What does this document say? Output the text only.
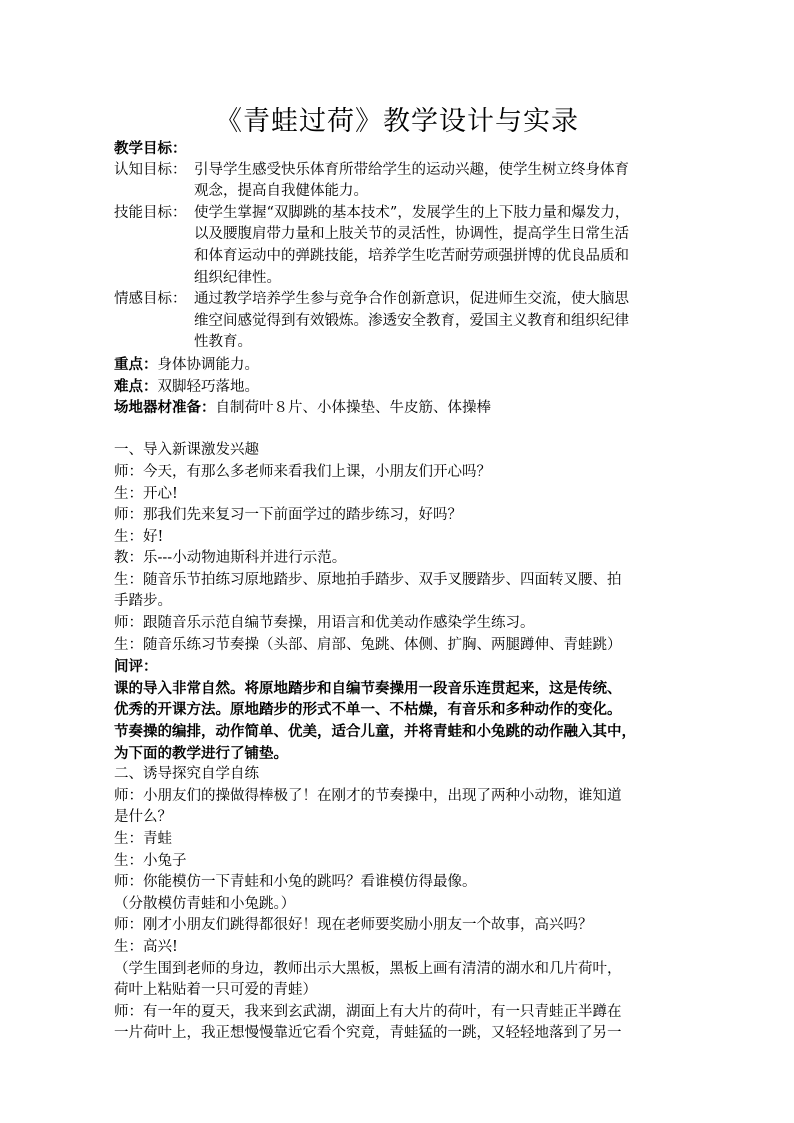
《青蛙过荷》教学设计与实录
教学目标：
认知目标： 引导学生感受快乐体育所带给学生的运动兴趣，使学生树立终身体育
观念，提高自我健体能力。
技能目标： 使学生掌握“双脚跳的基本技术”，发展学生的上下肢力量和爆发力，
以及腰腹肩带力量和上肢关节的灵活性，协调性，提高学生日常生活
和体育运动中的弹跳技能，培养学生吃苦耐劳顽强拼博的优良品质和
组织纪律性。
情感目标： 通过教学培养学生参与竞争合作创新意识，促进师生交流，使大脑思
维空间感觉得到有效锻炼。渗透安全教育，爱国主义教育和组织纪律
性教育。
重点：身体协调能力。
难点：双脚轻巧落地。
场地器材准备：自制荷叶８片、小体操垫、牛皮筋、体操棒
一、导入新课激发兴趣
师：今天，有那么多老师来看我们上课，小朋友们开心吗？
生：开心!
师：那我们先来复习一下前面学过的踏步练习，好吗？
生：好!
教：乐---小动物迪斯科并进行示范。
生：随音乐节拍练习原地踏步、原地拍手踏步、双手叉腰踏步、四面转叉腰、拍
手踏步。
师：跟随音乐示范自编节奏操，用语言和优美动作感染学生练习。
生：随音乐练习节奏操（头部、肩部、兔跳、体侧、扩胸、两腿蹲伸、青蛙跳）
间评：
课的导入非常自然。将原地踏步和自编节奏操用一段音乐连贯起来，这是传统、
优秀的开课方法。原地踏步的形式不单一、不枯燥，有音乐和多种动作的变化。
节奏操的编排，动作简单、优美，适合儿童，并将青蛙和小兔跳的动作融入其中，
为下面的教学进行了铺垫。
二、诱导探究自学自练
师：小朋友们的操做得棒极了！在刚才的节奏操中，出现了两种小动物，谁知道
是什么？
生：青蛙
生：小兔子
师：你能模仿一下青蛙和小兔的跳吗？看谁模仿得最像。
（分散模仿青蛙和小兔跳。）
师：刚才小朋友们跳得都很好！现在老师要奖励小朋友一个故事，高兴吗？
生：高兴!
（学生围到老师的身边，教师出示大黑板，黑板上画有清清的湖水和几片荷叶，
荷叶上粘贴着一只可爱的青蛙）
师：有一年的夏天，我来到玄武湖，湖面上有大片的荷叶，有一只青蛙正半蹲在
一片荷叶上，我正想慢慢靠近它看个究竟，青蛙猛的一跳，又轻轻地落到了另一
